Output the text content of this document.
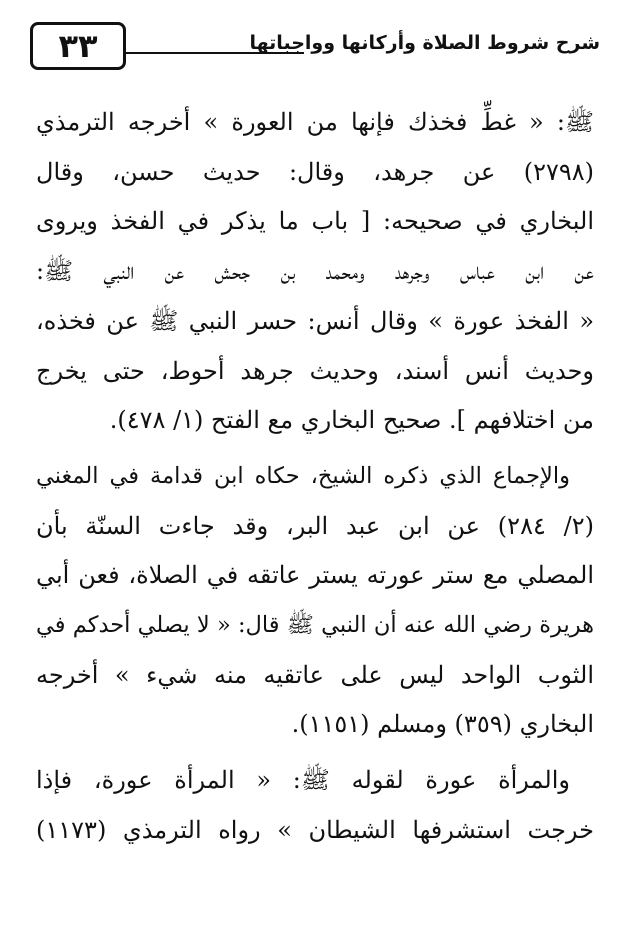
٣٣	شرح شروط الصلاة وأركانها وواجباتها
ﷺ: « غطِّ فخذك فإنها من العورة » أخرجه الترمذي
(٢٧٩٨) عن جرهد، وقال: حديث حسن، وقال
البخاري في صحيحه: [ باب ما يذكر في الفخذ ويروى
عن ابن عباس وجرهد ومحمد بن جحش عن النبي ﷺ:
« الفخذ عورة » وقال أنس: حسر النبي ﷺ عن فخذه،
وحديث أنس أسند، وحديث جرهد أحوط، حتى يخرج
من اختلافهم ]. صحيح البخاري مع الفتح (١/ ٤٧٨).
والإجماع الذي ذكره الشيخ، حكاه ابن قدامة في المغني
(٢/ ٢٨٤) عن ابن عبد البر، وقد جاءت السنّة بأن
المصلي مع ستر عورته يستر عاتقه في الصلاة، فعن أبي
هريرة رضي الله عنه أن النبي ﷺ قال: « لا يصلي أحدكم في
الثوب الواحد ليس على عاتقيه منه شيء » أخرجه
البخاري (٣٥٩) ومسلم (١١٥١).
والمرأة عورة لقوله ﷺ: « المرأة عورة، فإذا
خرجت استشرفها الشيطان » رواه الترمذي (١١٧٣)
